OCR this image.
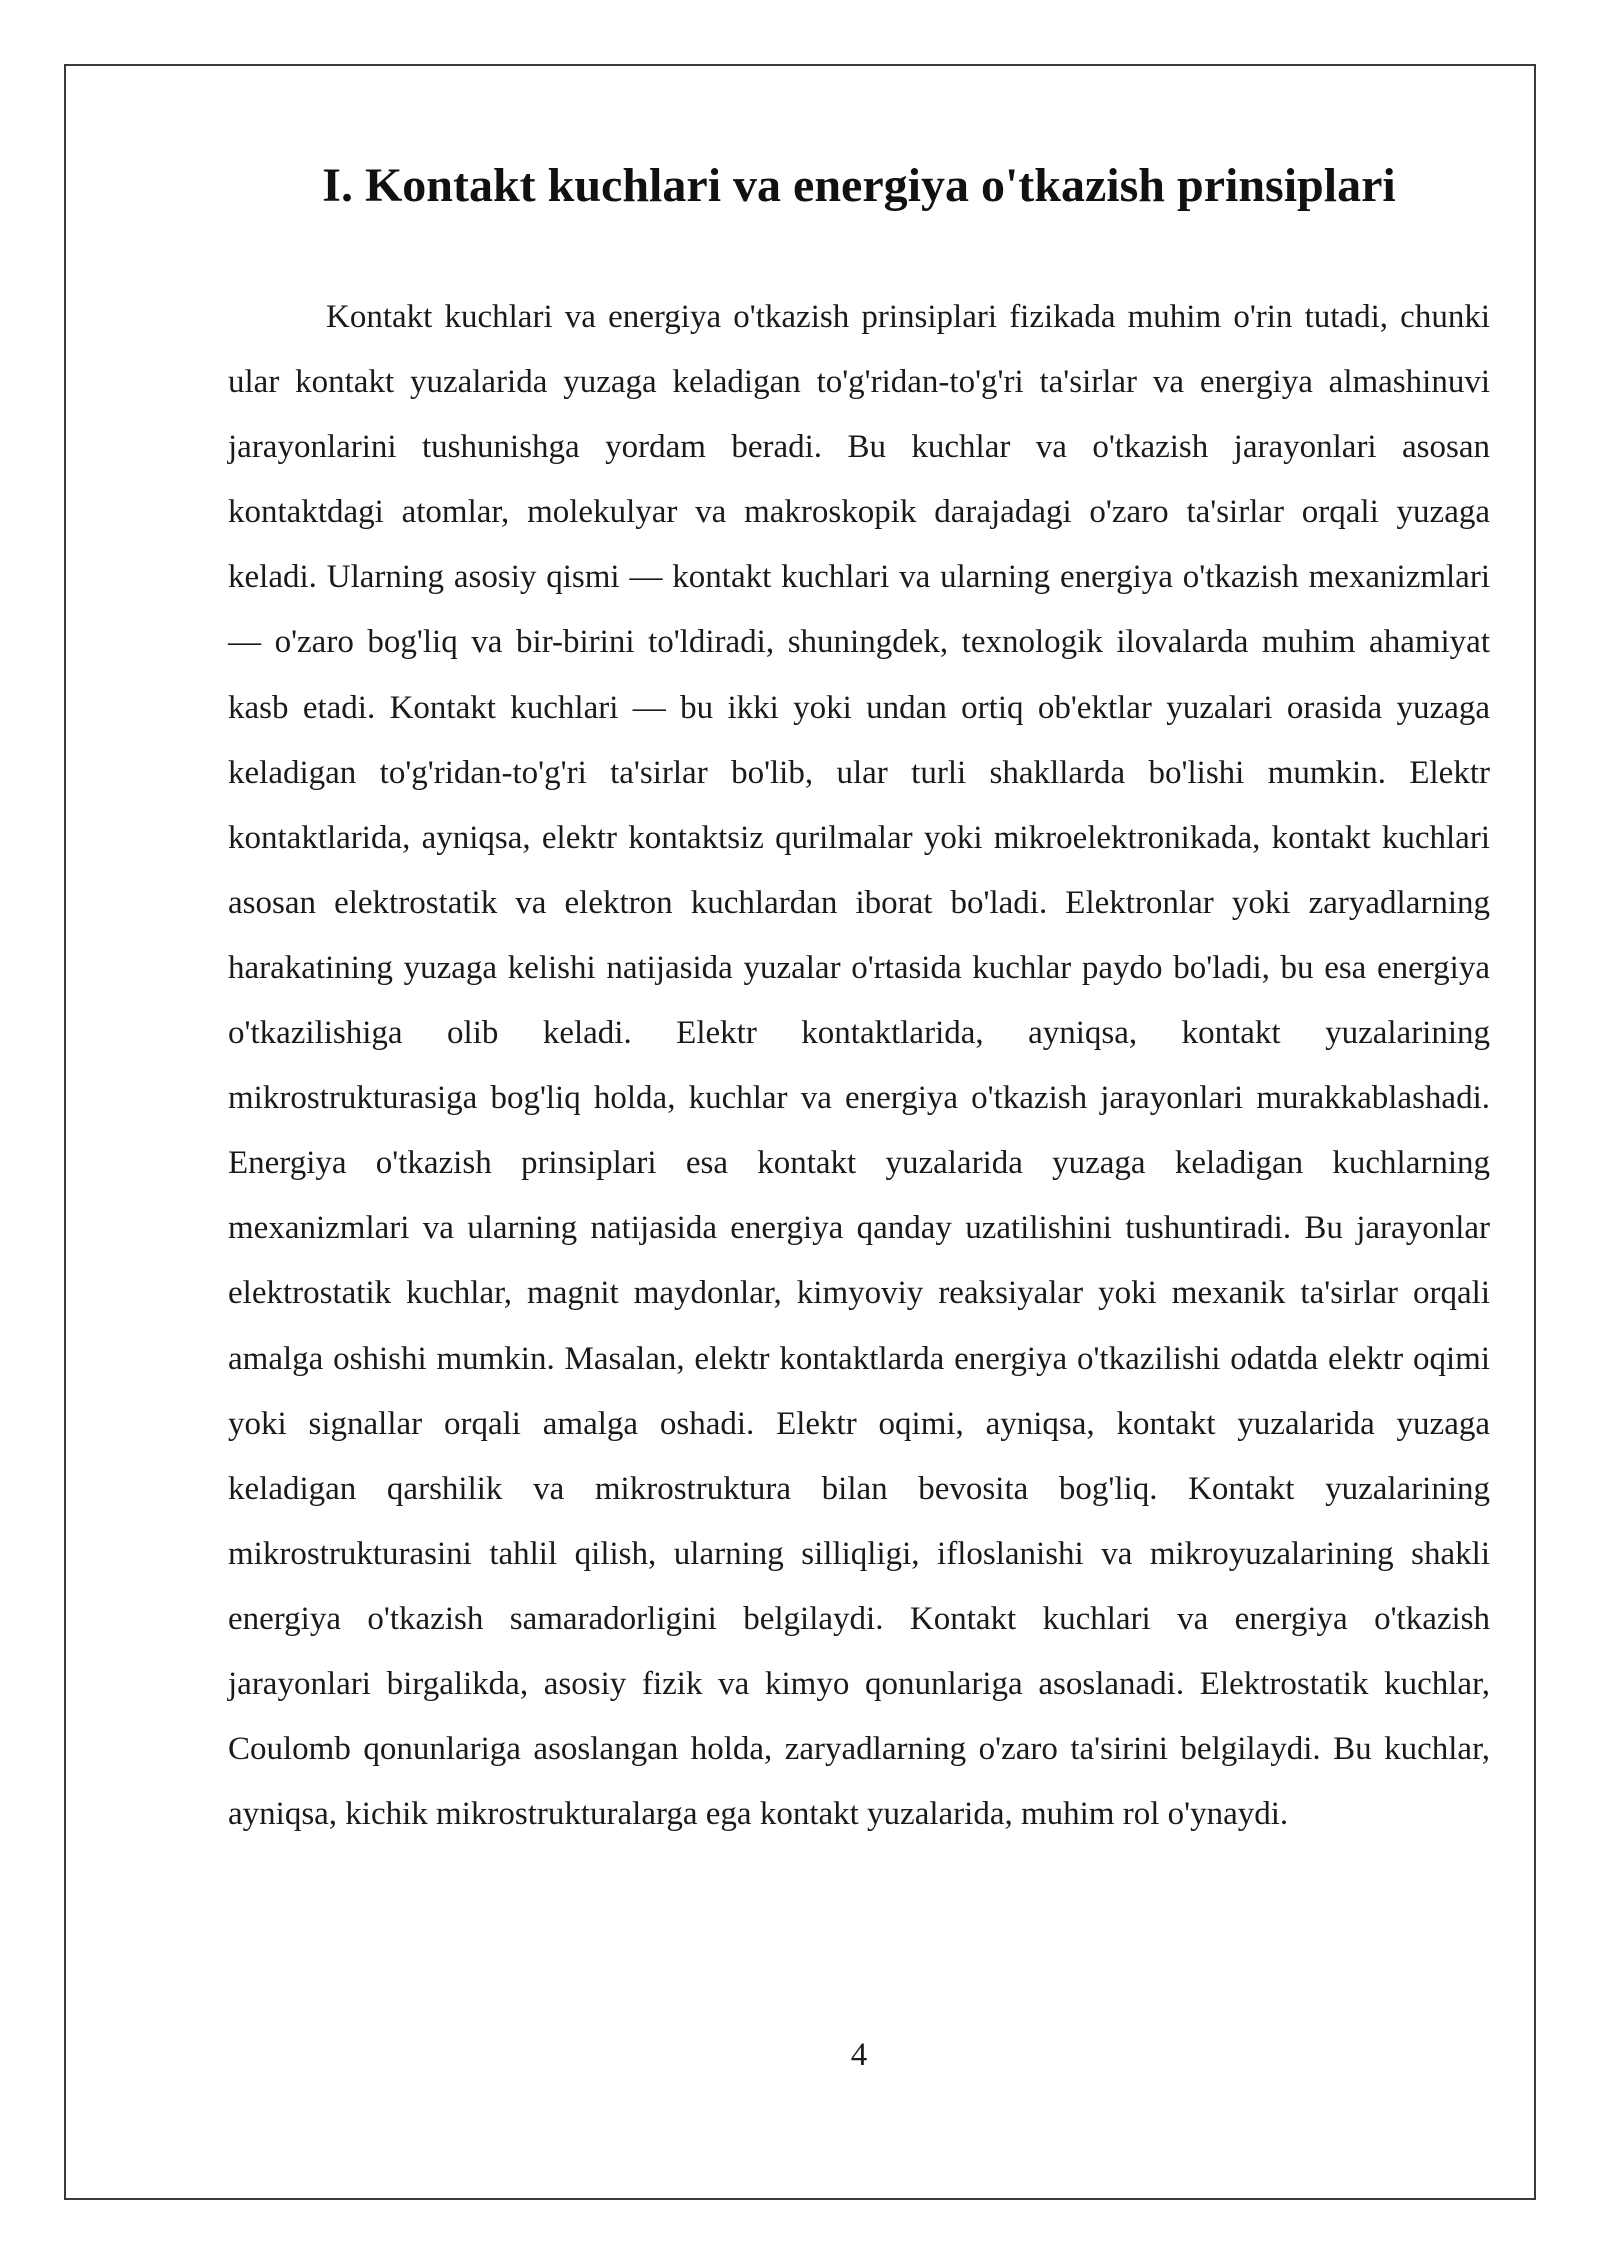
I. Kontakt kuchlari va energiya o'tkazish prinsiplari

Kontakt kuchlari va energiya o'tkazish prinsiplari fizikada muhim o'rin tutadi, chunki ular kontakt yuzalarida yuzaga keladigan to'g'ridan-to'g'ri ta'sirlar va energiya almashinuvi jarayonlarini tushunishga yordam beradi. Bu kuchlar va o'tkazish jarayonlari asosan kontaktdagi atomlar, molekulyar va makroskopik darajadagi o'zaro ta'sirlar orqali yuzaga keladi. Ularning asosiy qismi — kontakt kuchlari va ularning energiya o'tkazish mexanizmlari — o'zaro bog'liq va bir-birini to'ldiradi, shuningdek, texnologik ilovalarda muhim ahamiyat kasb etadi. Kontakt kuchlari — bu ikki yoki undan ortiq ob'ektlar yuzalari orasida yuzaga keladigan to'g'ridan-to'g'ri ta'sirlar bo'lib, ular turli shakllarda bo'lishi mumkin. Elektr kontaktlarida, ayniqsa, elektr kontaktsiz qurilmalar yoki mikroelektronikada, kontakt kuchlari asosan elektrostatik va elektron kuchlardan iborat bo'ladi. Elektronlar yoki zaryadlarning harakatining yuzaga kelishi natijasida yuzalar o'rtasida kuchlar paydo bo'ladi, bu esa energiya o'tkazilishiga olib keladi. Elektr kontaktlarida, ayniqsa, kontakt yuzalarining mikrostrukturasiga bog'liq holda, kuchlar va energiya o'tkazish jarayonlari murakkablashadi. Energiya o'tkazish prinsiplari esa kontakt yuzalarida yuzaga keladigan kuchlarning mexanizmlari va ularning natijasida energiya qanday uzatilishini tushuntiradi. Bu jarayonlar elektrostatik kuchlar, magnit maydonlar, kimyoviy reaksiyalar yoki mexanik ta'sirlar orqali amalga oshishi mumkin. Masalan, elektr kontaktlarda energiya o'tkazilishi odatda elektr oqimi yoki signallar orqali amalga oshadi. Elektr oqimi, ayniqsa, kontakt yuzalarida yuzaga keladigan qarshilik va mikrostruktura bilan bevosita bog'liq. Kontakt yuzalarining mikrostrukturasini tahlil qilish, ularning silliqligi, ifloslanishi va mikroyuzalarining shakli energiya o'tkazish samaradorligini belgilaydi. Kontakt kuchlari va energiya o'tkazish jarayonlari birgalikda, asosiy fizik va kimyo qonunlariga asoslanadi. Elektrostatik kuchlar, Coulomb qonunlariga asoslangan holda, zaryadlarning o'zaro ta'sirini belgilaydi. Bu kuchlar, ayniqsa, kichik mikrostrukturalarga ega kontakt yuzalarida, muhim rol o'ynaydi.

4
